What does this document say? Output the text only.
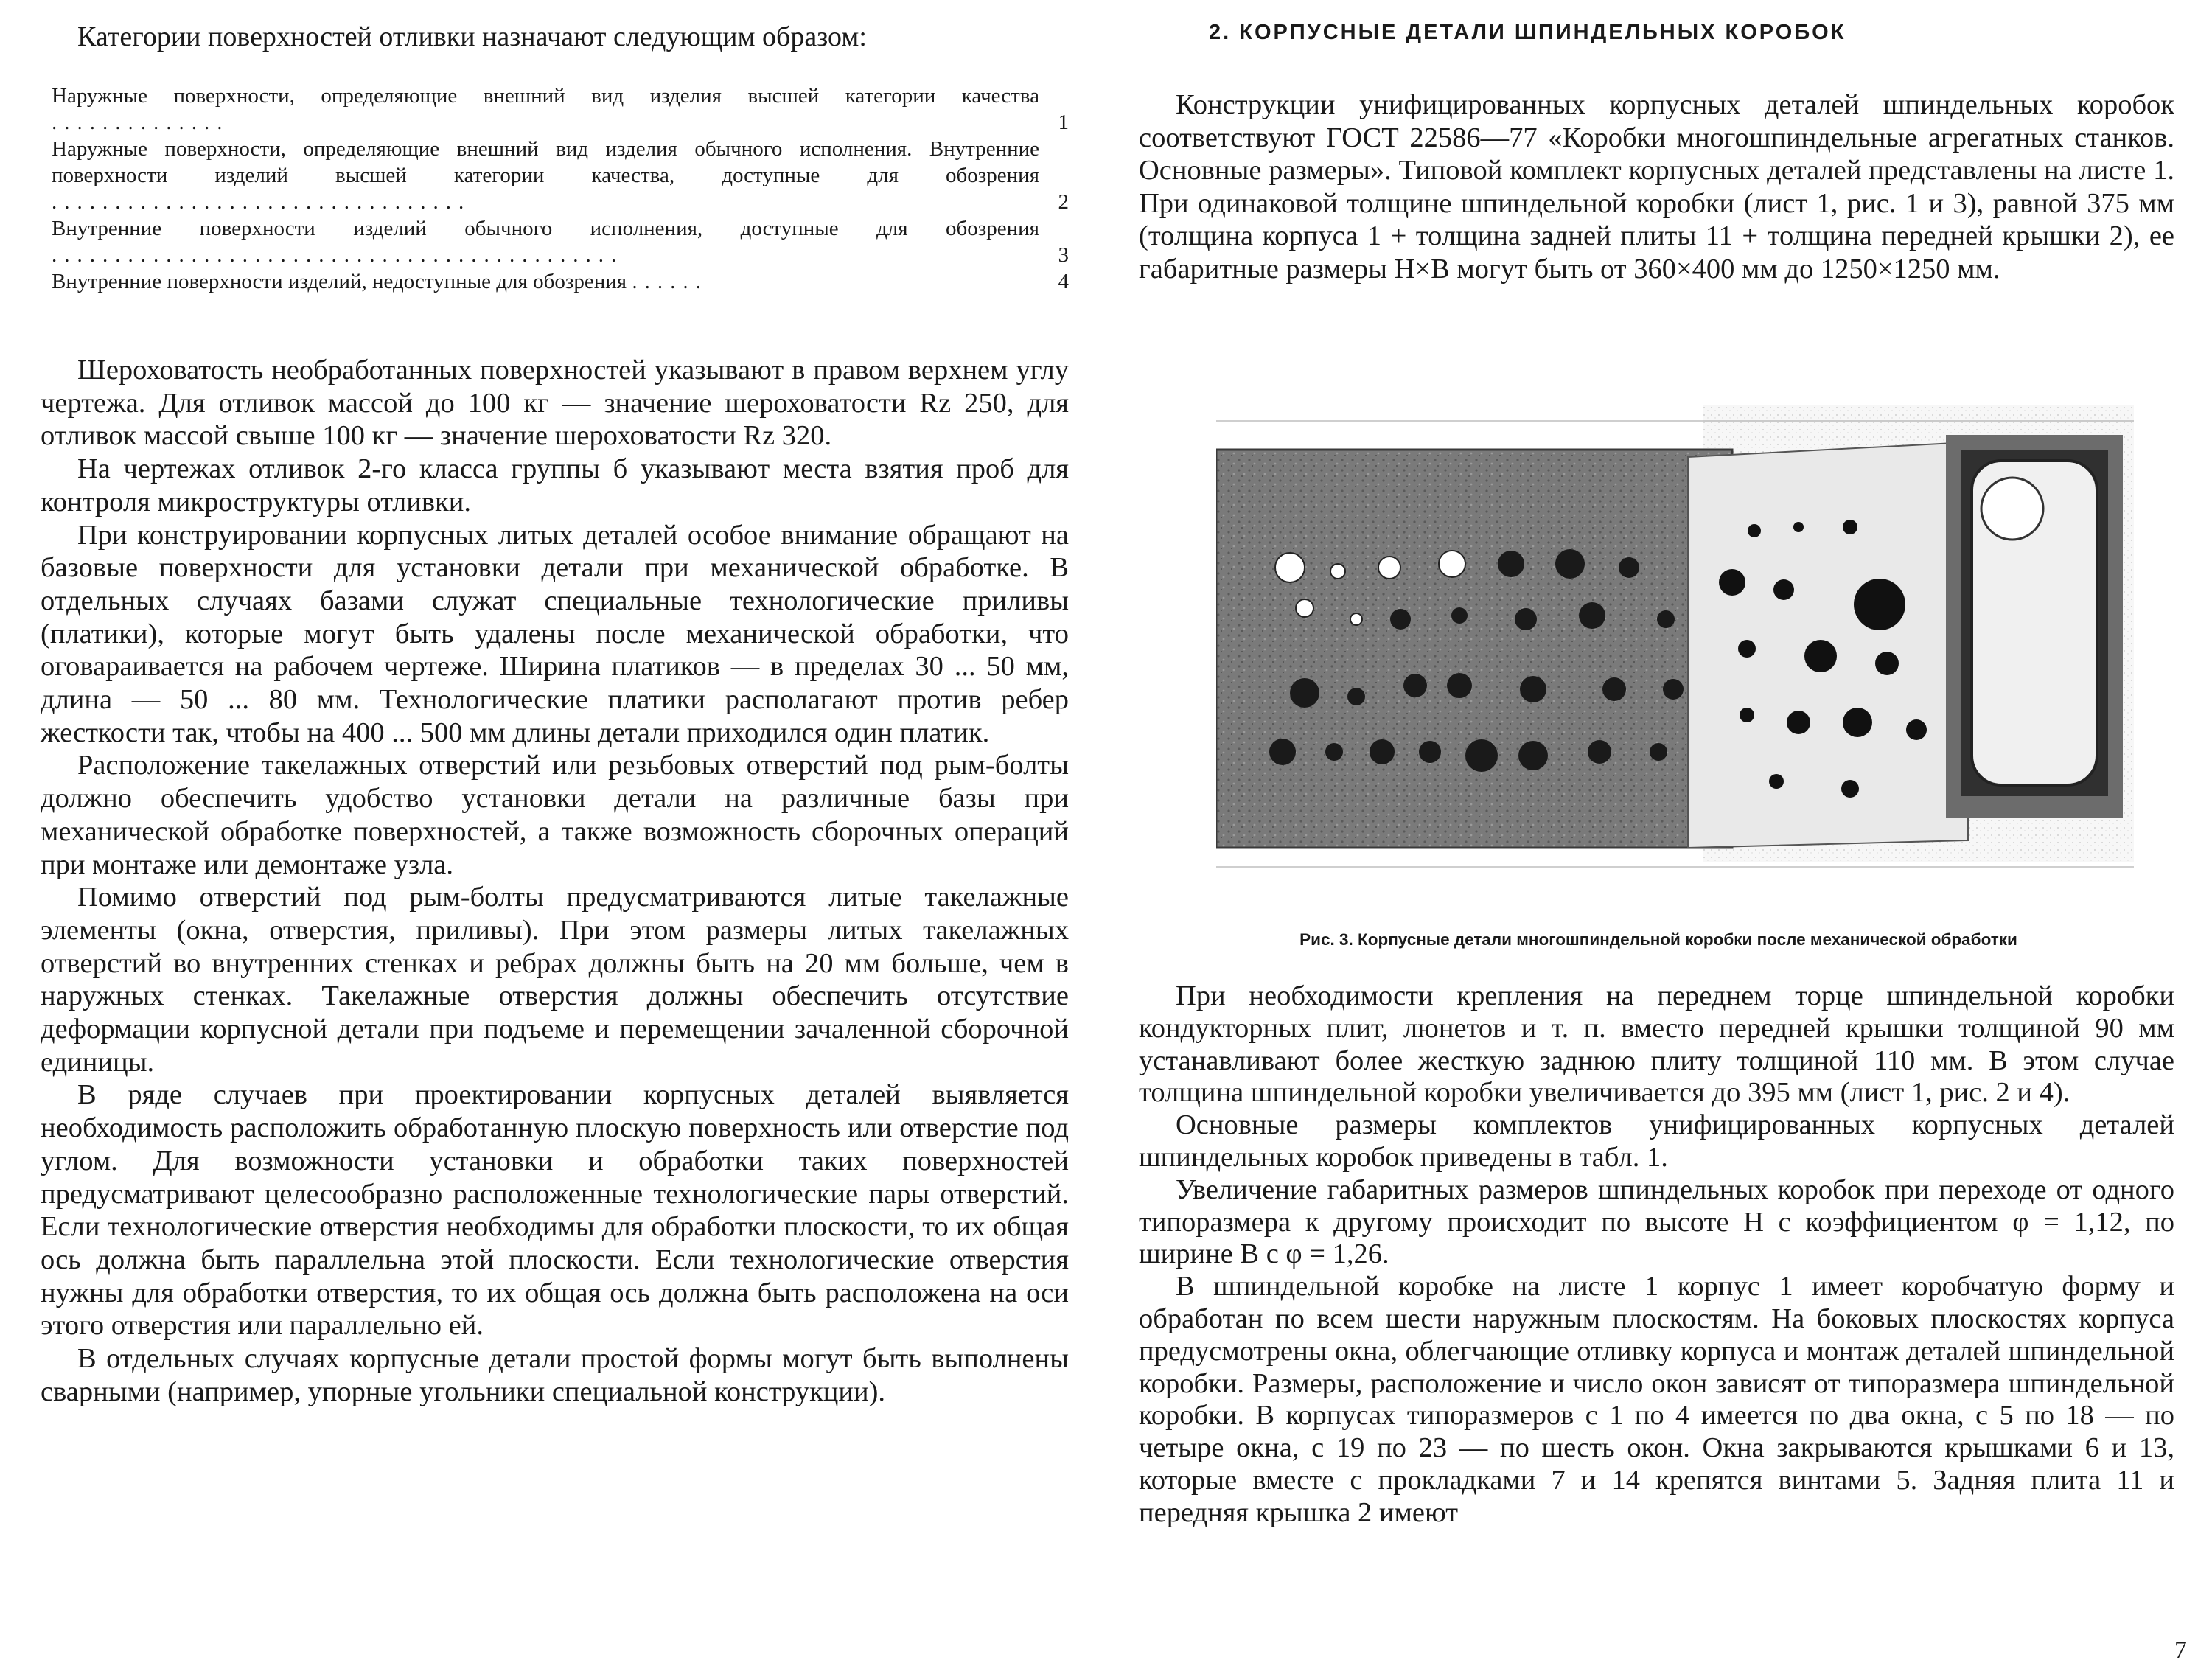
Категории поверхностей отливки назначают следующим образом:
Наружные поверхности, определяющие внешний вид изделия высшей категории качества ..............	1
Наружные поверхности, определяющие внешний вид изделия обычного исполнения. Внутренние поверхности изделий высшей категории качества, доступные для обозрения .................................	2
Внутренние поверхности изделий обычного исполнения, доступные для обозрения .............................................	3
Внутренние поверхности изделий, недоступные для обозрения ......	4

Шероховатость необработанных поверхностей указывают в правом верхнем углу чертежа. Для отливок массой до 100 кг — значение шероховатости Rz 250, для отливок массой свыше 100 кг — значение шероховатости Rz 320.

На чертежах отливок 2-го класса группы б указывают места взятия проб для контроля микроструктуры отливки.

При конструировании корпусных литых деталей особое внимание обращают на базовые поверхности для установки детали при механической обработке. В отдельных случаях базами служат специальные технологические приливы (платики), которые могут быть удалены после механической обработки, что оговараивается на рабочем чертеже. Ширина платиков — в пределах 30 ... 50 мм, длина — 50 ... 80 мм. Технологические платики располагают против ребер жесткости так, чтобы на 400 ... 500 мм длины детали приходился один платик.

Расположение такелажных отверстий или резьбовых отверстий под рым-болты должно обеспечить удобство установки детали на различные базы при механической обработке поверхностей, а также возможность сборочных операций при монтаже или демонтаже узла.

Помимо отверстий под рым-болты предусматриваются литые такелажные элементы (окна, отверстия, приливы). При этом размеры литых такелажных отверстий во внутренних стенках и ребрах должны быть на 20 мм больше, чем в наружных стенках. Такелажные отверстия должны обеспечить отсутствие деформации корпусной детали при подъеме и перемещении зачаленной сборочной единицы.

В ряде случаев при проектировании корпусных деталей выявляется необходимость расположить обработанную плоскую поверхность или отверстие под углом. Для возможности установки и обработки таких поверхностей предусматривают целесообразно расположенные технологические пары отверстий. Если технологические отверстия необходимы для обработки плоскости, то их общая ось должна быть параллельна этой плоскости. Если технологические отверстия нужны для обработки отверстия, то их общая ось должна быть расположена на оси этого отверстия или параллельно ей.

В отдельных случаях корпусные детали простой формы могут быть выполнены сварными (например, упорные угольники специальной конструкции).

2. КОРПУСНЫЕ ДЕТАЛИ ШПИНДЕЛЬНЫХ КОРОБОК

Конструкции унифицированных корпусных деталей шпиндельных коробок соответствуют ГОСТ 22586—77 «Коробки многошпиндельные агрегатных станков. Основные размеры». Типовой комплект корпусных деталей представлены на листе 1. При одинаковой толщине шпиндельной коробки (лист 1, рис. 1 и 3), равной 375 мм (толщина корпуса 1 + толщина задней плиты 11 + толщина передней крышки 2), ее габаритные размеры H×B могут быть от 360×400 мм до 1250×1250 мм.

Рис. 3. Корпусные детали многошпиндельной коробки после механической обработки

При необходимости крепления на переднем торце шпиндельной коробки кондукторных плит, люнетов и т. п. вместо передней крышки толщиной 90 мм устанавливают более жесткую заднюю плиту толщиной 110 мм. В этом случае толщина шпиндельной коробки увеличивается до 395 мм (лист 1, рис. 2 и 4).

Основные размеры комплектов унифицированных корпусных деталей шпиндельных коробок приведены в табл. 1.

Увеличение габаритных размеров шпиндельных коробок при переходе от одного типоразмера к другому происходит по высоте H с коэффициентом φ = 1,12, по ширине B с φ = 1,26.

В шпиндельной коробке на листе 1 корпус 1 имеет коробчатую форму и обработан по всем шести наружным плоскостям. На боковых плоскостях корпуса предусмотрены окна, облегчающие отливку корпуса и монтаж деталей шпиндельной коробки. Размеры, расположение и число окон зависят от типоразмера шпиндельной коробки. В корпусах типоразмеров с 1 по 4 имеется по два окна, с 5 по 18 — по четыре окна, с 19 по 23 — по шесть окон. Окна закрываются крышками 6 и 13, которые вместе с прокладками 7 и 14 крепятся винтами 5. Задняя плита 11 и передняя крышка 2 имеют

7
